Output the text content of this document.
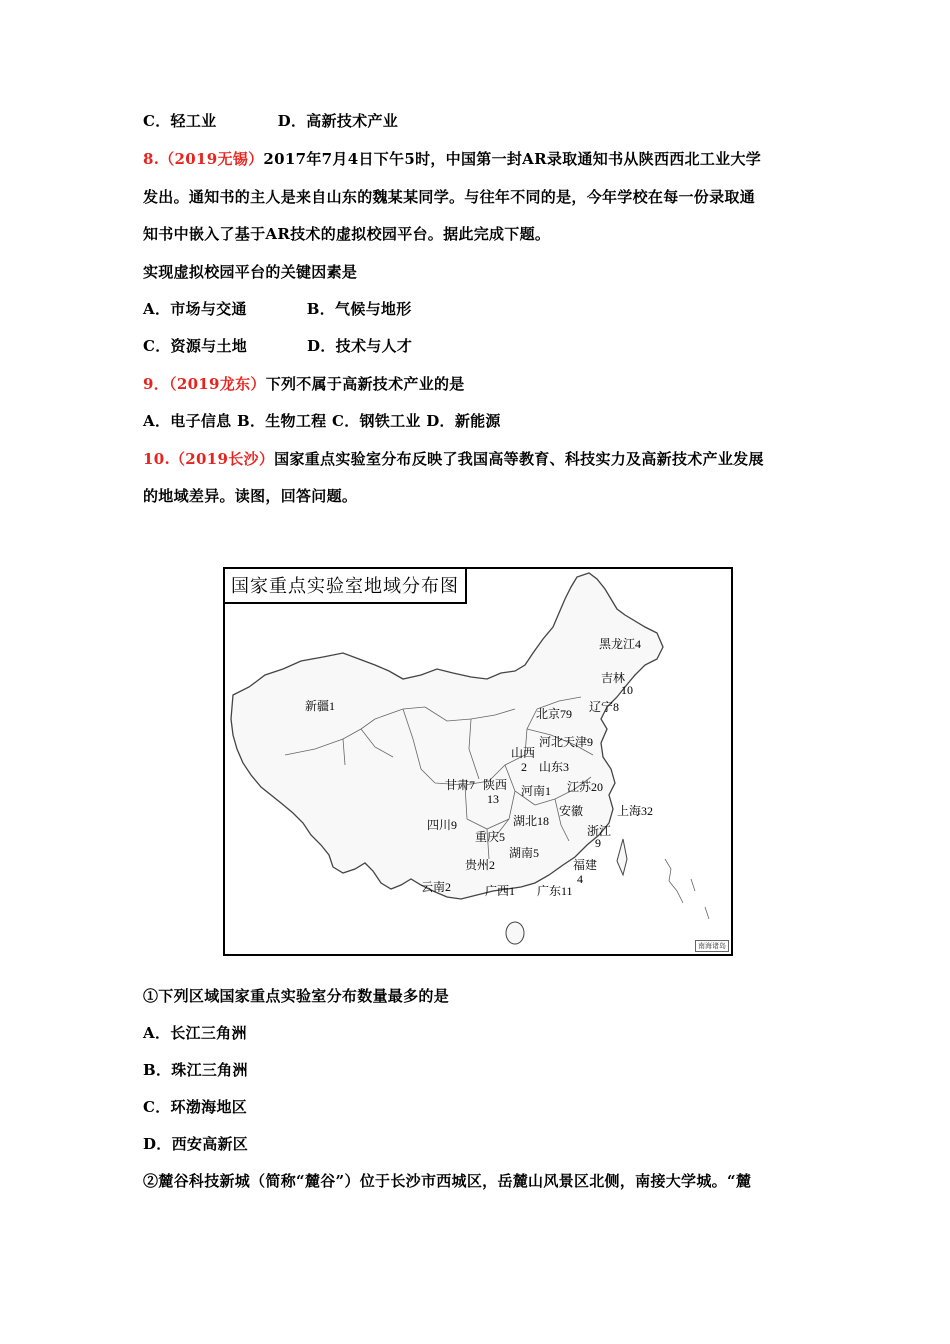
C．轻工业　　　　D．高新技术产业
8.（2019无锡）2017年7月4日下午5时，中国第一封AR录取通知书从陕西西北工业大学
发出。通知书的主人是来自山东的魏某某同学。与往年不同的是，今年学校在每一份录取通
知书中嵌入了基于AR技术的虚拟校园平台。据此完成下题。
实现虚拟校园平台的关键因素是
A．市场与交通	B．气候与地形
C．资源与土地	D．技术与人才
9．（2019龙东）下列不属于高新技术产业的是
A．电子信息 B．生物工程 C．钢铁工业 D．新能源
10.（2019长沙）国家重点实验室分布反映了我国高等教育、科技实力及高新技术产业发展
的地域差异。读图，回答问题。
黑龙江4
吉林
10
辽宁8
新疆1
北京79
河北 天津9
山西
2 山东3
甘肃7 陕西
13
河南1 江苏20
安徽	上海32
四川9
重庆5
湖北18
浙江
9
贵州2
湖南5
福建
4
云南2	广西1 广东11
国家重点实验室地域分布图
南海诸岛
①下列区域国家重点实验室分布数量最多的是
A．长江三角洲
B．珠江三角洲
C．环渤海地区
D．西安高新区
②麓谷科技新城（简称“麓谷”）位于长沙市西城区，岳麓山风景区北侧，南接大学城。“麓
